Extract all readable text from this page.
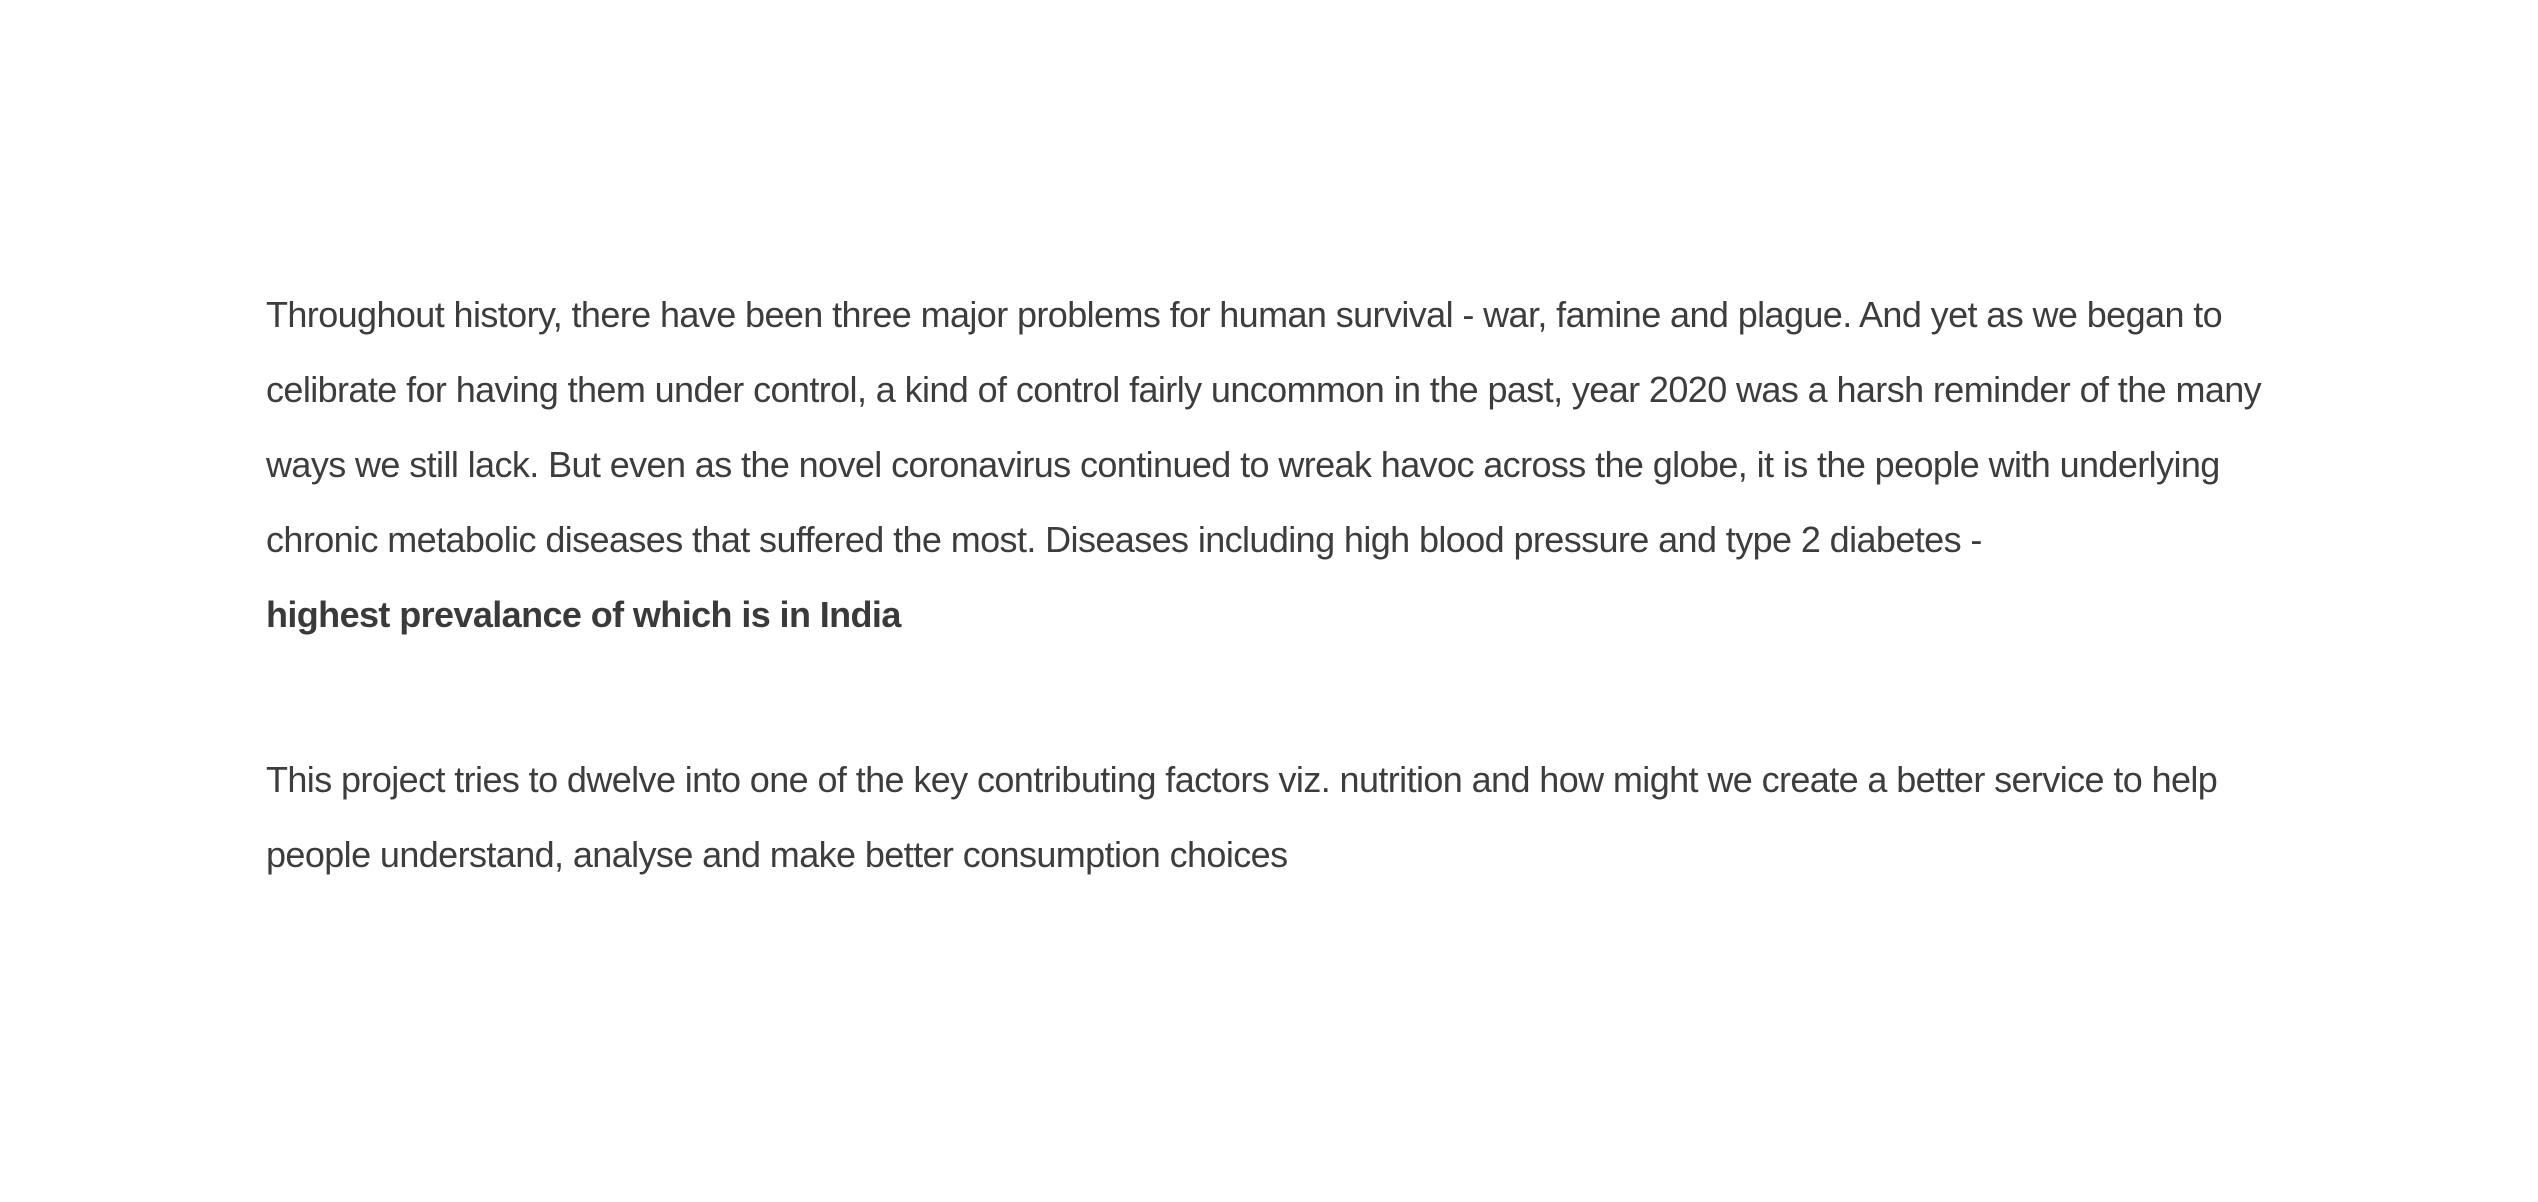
Throughout history, there have been three major problems for human survival - war, famine and plague. And yet as we began to celibrate for having them under control, a kind of control fairly uncommon in the past, year 2020 was a harsh reminder of the many ways we still lack. But even as the novel coronavirus continued to wreak havoc across the globe, it is the people with underlying chronic metabolic diseases that suffered the most. Diseases including high blood pressure and type 2 diabetes -
highest prevalance of which is in India

This project tries to dwelve into one of the key contributing factors viz. nutrition and how might we create a better service to help people understand, analyse and make better consumption choices
